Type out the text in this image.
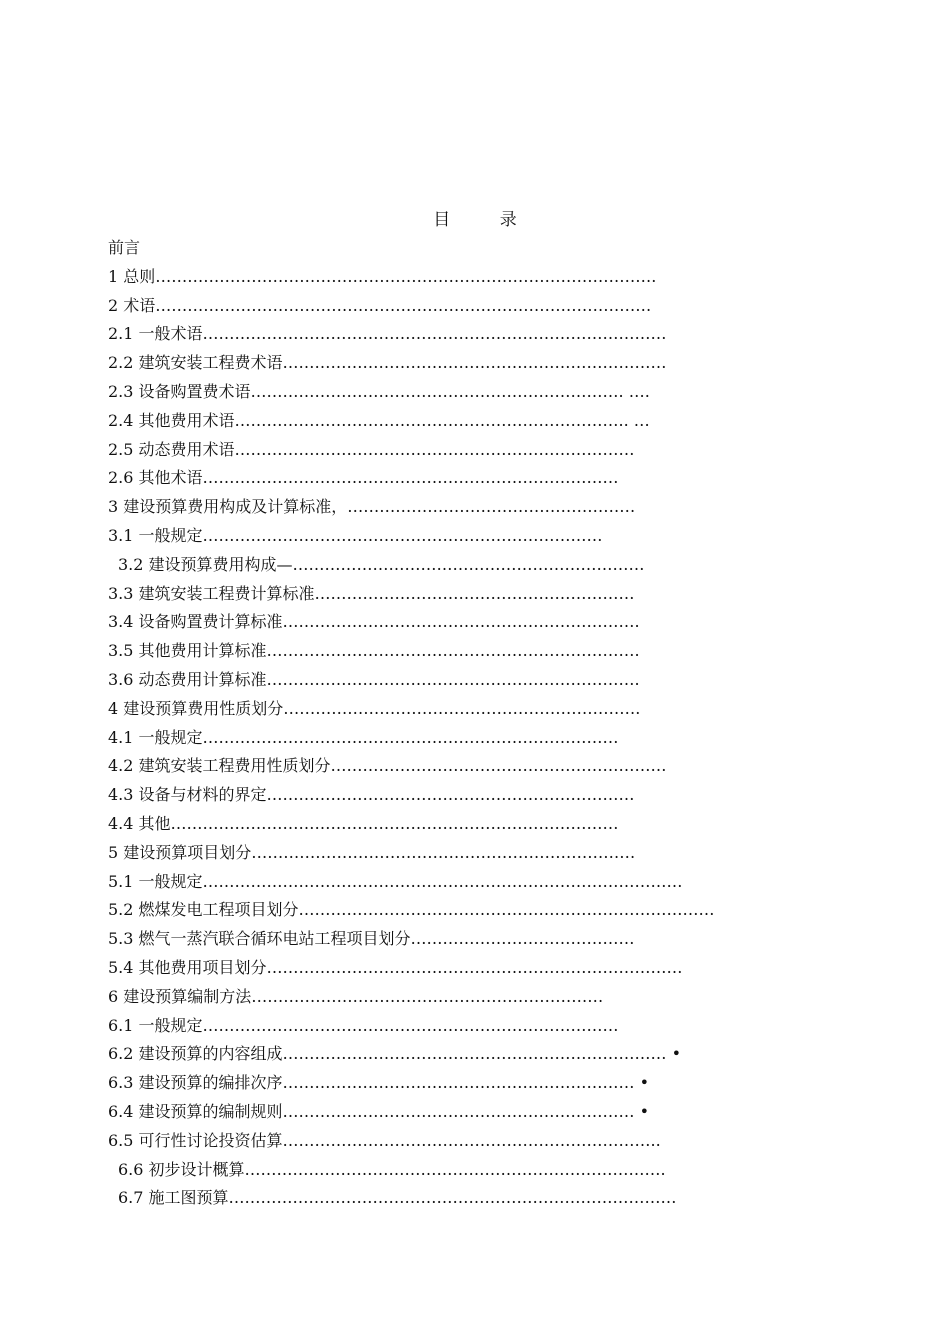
目 录
前言
1 总则………………………………………………………………………………….
2 术语…………………………………………………………………………………
2.1 一般术语……………………………………………………………………………
2.2 建筑安装工程费术语………………………………………………………………
2.3 设备购置费术语……………………………………………………………. ….
2.4 其他费用术语……………………………………………………………….. …
2.5 动态费用术语…………………………………………………………………
2.6 其他术语……………………………………………………………………
3 建设预算费用构成及计算标准，………………………………………………
3.1 一般规定…………………………………………………………………
3.2 建设预算费用构成—…………………………………………………………
3.3 建筑安装工程费计算标准……………………………………………………
3.4 设备购置费计算标准………………………………………………………….
3.5 其他费用计算标准…………………………………………………………….
3.6 动态费用计算标准…………………………………………………………….
4 建设预算费用性质划分………………………………………………………….
4.1 一般规定……………………………………………………………………
4.2 建筑安装工程费用性质划分………………………………………………………
4.3 设备与材料的界定……………………………………………………………
4.4 其他…………………………………………………………………………
5 建设预算项目划分………………………………………………………………
5.1 一般规定………………………………………………………………………………
5.2 燃煤发电工程项目划分……………………………………………………………………
5.3 燃气一蒸汽联合循环电站工程项目划分……………………………………
5.4 其他费用项目划分……………………………………………………………………
6 建设预算编制方法…………………………………………………………
6.1 一般规定……………………………………………………………………
6.2 建设预算的内容组成……………………………………………………………… •
6.3 建设预算的编排次序………………………………………………………… •
6.4 建设预算的编制规则………………………………………………………… •
6.5 可行性讨论投资估算……………………………………………………………..
6.6 初步设计概算…………………………………………………………………….
6.7 施工图预算…………………………………………………………………………
